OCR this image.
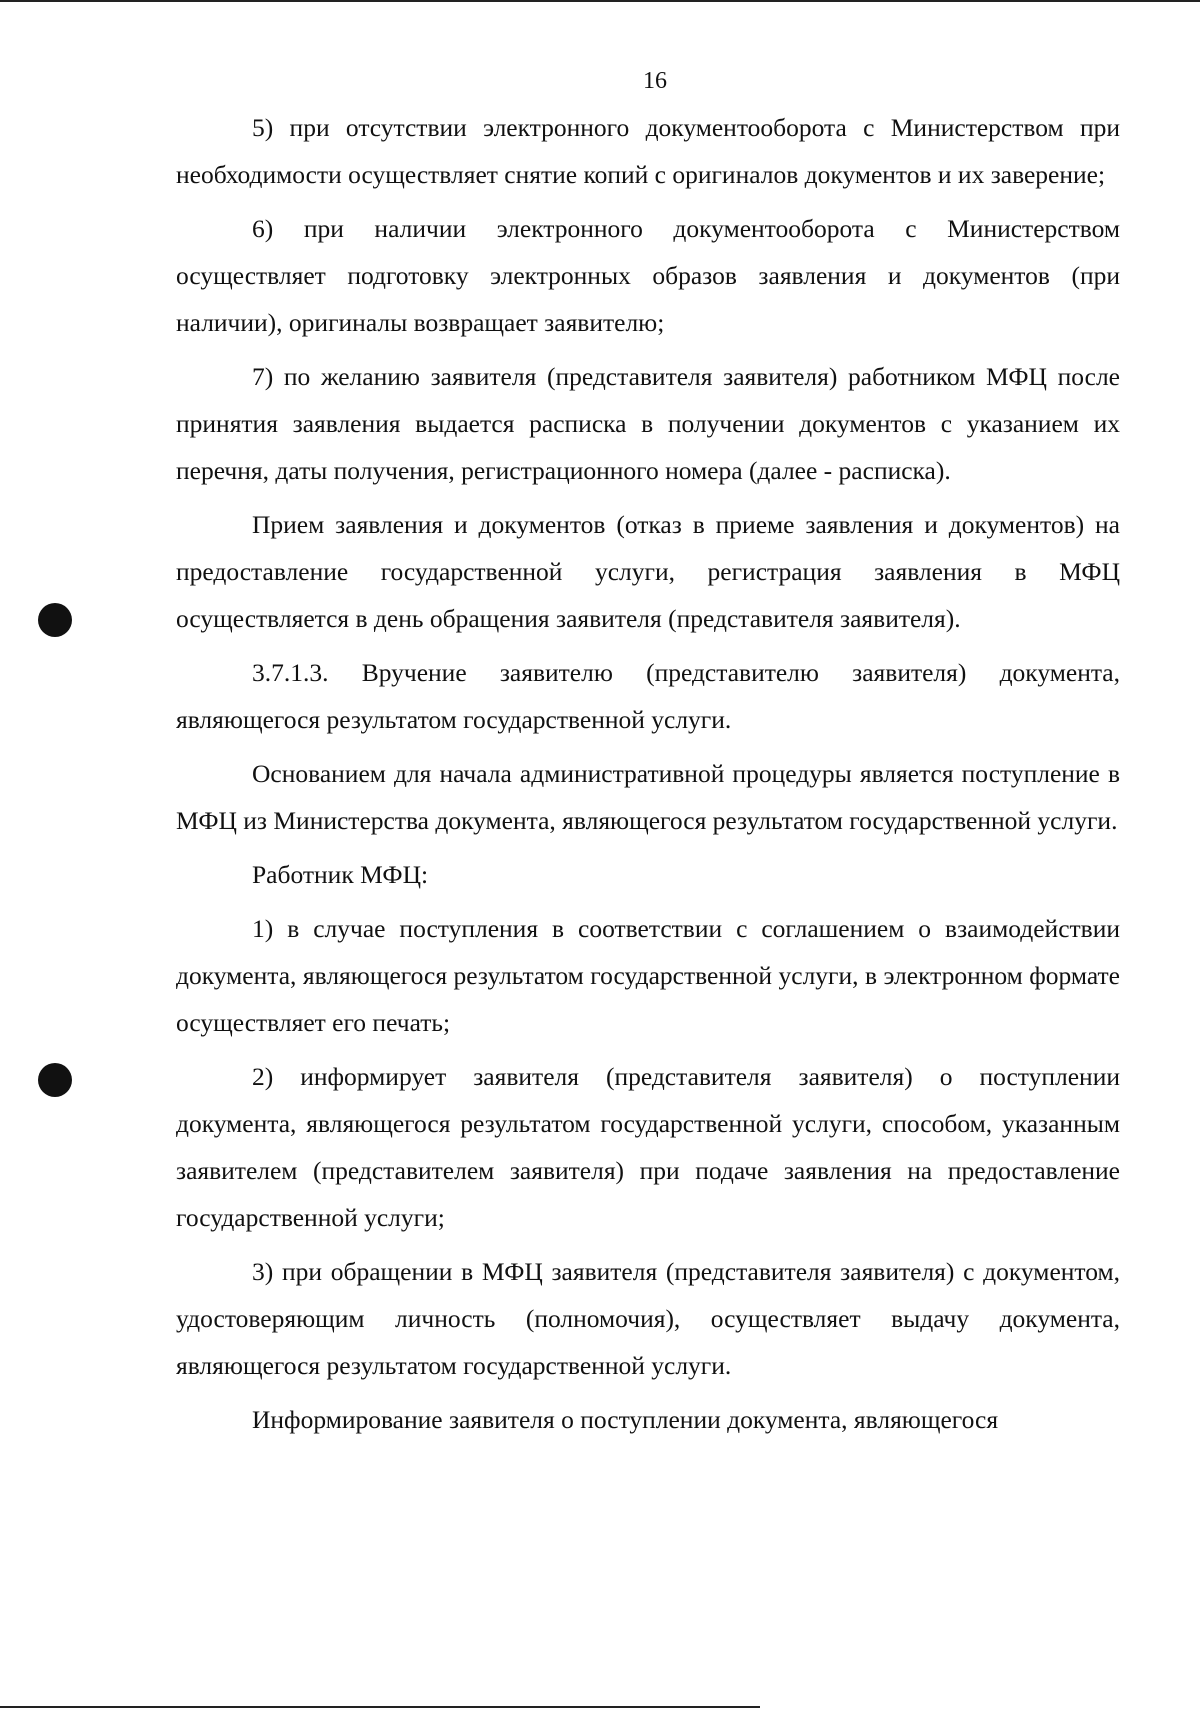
16

5) при отсутствии электронного документооборота с Министерством при необходимости осуществляет снятие копий с оригиналов документов и их заверение;

6) при наличии электронного документооборота с Министерством осуществляет подготовку электронных образов заявления и документов (при наличии), оригиналы возвращает заявителю;

7) по желанию заявителя (представителя заявителя) работником МФЦ после принятия заявления выдается расписка в получении документов с указанием их перечня, даты получения, регистрационного номера (далее - расписка).

Прием заявления и документов (отказ в приеме заявления и документов) на предоставление государственной услуги, регистрация заявления в МФЦ осуществляется в день обращения заявителя (представителя заявителя).

3.7.1.3. Вручение заявителю (представителю заявителя) документа, являющегося результатом государственной услуги.

Основанием для начала административной процедуры является поступление в МФЦ из Министерства документа, являющегося результатом государственной услуги.

Работник МФЦ:

1) в случае поступления в соответствии с соглашением о взаимодействии документа, являющегося результатом государственной услуги, в электронном формате осуществляет его печать;

2) информирует заявителя (представителя заявителя) о поступлении документа, являющегося результатом государственной услуги, способом, указанным заявителем (представителем заявителя) при подаче заявления на предоставление государственной услуги;

3) при обращении в МФЦ заявителя (представителя заявителя) с документом, удостоверяющим личность (полномочия), осуществляет выдачу документа, являющегося результатом государственной услуги.

Информирование заявителя о поступлении документа, являющегося
